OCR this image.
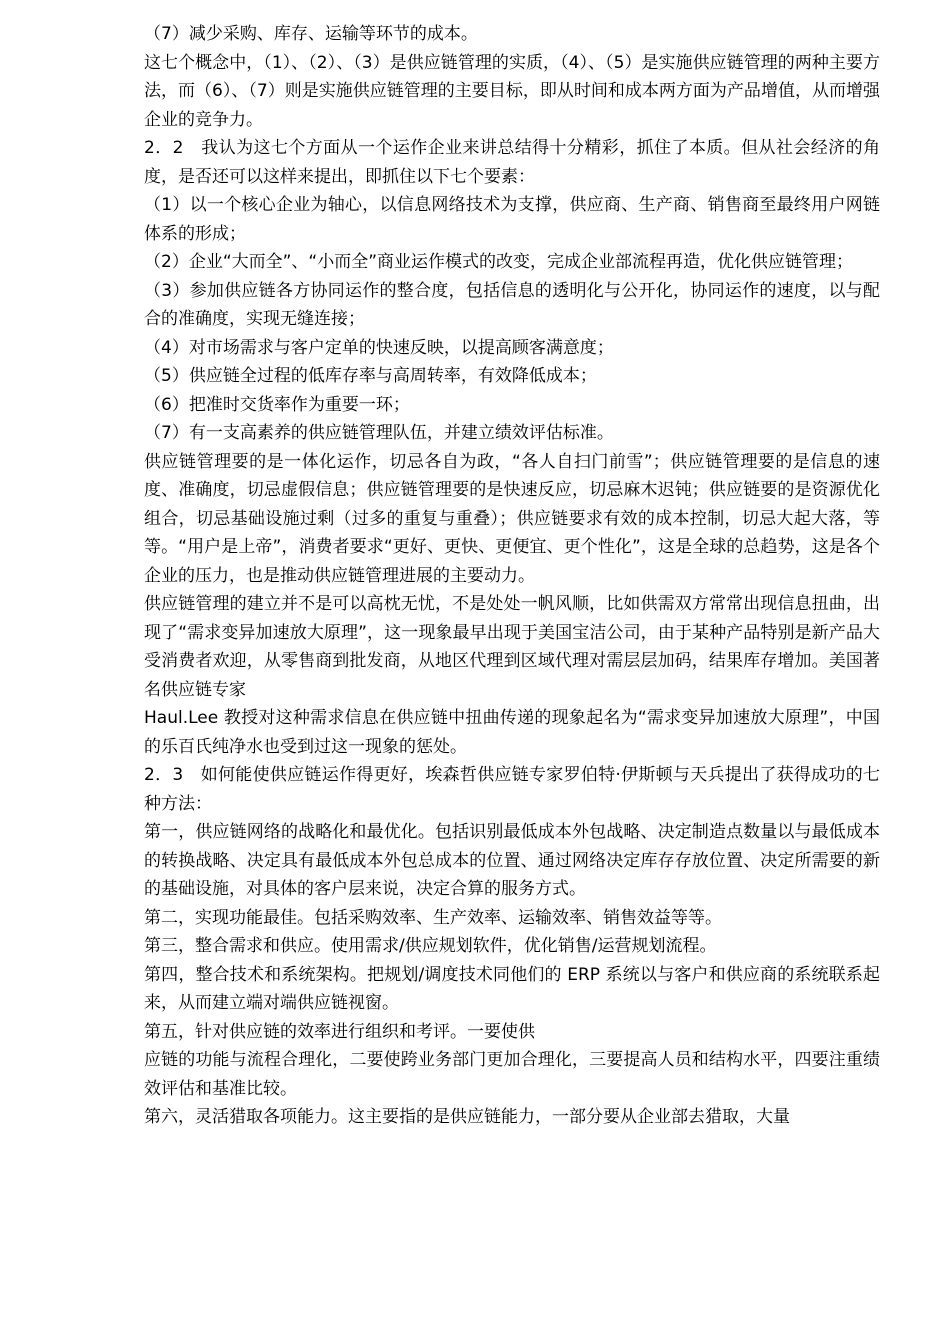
（7）减少采购、库存、运输等环节的成本。

这七个概念中，（1）、（2）、（3）是供应链管理的实质，（4）、（5）是实施供应链管理的两种主要方法，而（6）、（7）则是实施供应链管理的主要目标，即从时间和成本两方面为产品增值，从而增强企业的竞争力。

2．2　我认为这七个方面从一个运作企业来讲总结得十分精彩，抓住了本质。但从社会经济的角度，是否还可以这样来提出，即抓住以下七个要素：

（1）以一个核心企业为轴心，以信息网络技术为支撑，供应商、生产商、销售商至最终用户网链体系的形成；

（2）企业“大而全”、“小而全”商业运作模式的改变，完成企业部流程再造，优化供应链管理；

（3）参加供应链各方协同运作的整合度，包括信息的透明化与公开化，协同运作的速度，以与配合的准确度，实现无缝连接；

（4）对市场需求与客户定单的快速反映，以提高顾客满意度；

（5）供应链全过程的低库存率与高周转率，有效降低成本；

（6）把准时交货率作为重要一环；

（7）有一支高素养的供应链管理队伍，并建立绩效评估标准。

供应链管理要的是一体化运作，切忌各自为政，“各人自扫门前雪”；供应链管理要的是信息的速度、准确度，切忌虚假信息；供应链管理要的是快速反应，切忌麻木迟钝；供应链要的是资源优化组合，切忌基础设施过剩（过多的重复与重叠）；供应链要求有效的成本控制，切忌大起大落，等等。“用户是上帝”，消费者要求“更好、更快、更便宜、更个性化”，这是全球的总趋势，这是各个企业的压力，也是推动供应链管理进展的主要动力。

供应链管理的建立并不是可以高枕无忧，不是处处一帆风顺，比如供需双方常常出现信息扭曲，出现了“需求变异加速放大原理”，这一现象最早出现于美国宝洁公司，由于某种产品特别是新产品大受消费者欢迎，从零售商到批发商，从地区代理到区域代理对需层层加码，结果库存增加。美国著名供应链专家

Haul.Lee 教授对这种需求信息在供应链中扭曲传递的现象起名为“需求变异加速放大原理”，中国的乐百氏纯净水也受到过这一现象的惩处。

2．3　如何能使供应链运作得更好，埃森哲供应链专家罗伯特·伊斯顿与天兵提出了获得成功的七种方法：

第一，供应链网络的战略化和最优化。包括识别最低成本外包战略、决定制造点数量以与最低成本的转换战略、决定具有最低成本外包总成本的位置、通过网络决定库存存放位置、决定所需要的新的基础设施，对具体的客户层来说，决定合算的服务方式。

第二，实现功能最佳。包括采购效率、生产效率、运输效率、销售效益等等。

第三，整合需求和供应。使用需求/供应规划软件，优化销售/运营规划流程。

第四，整合技术和系统架构。把规划/调度技术同他们的 ERP 系统以与客户和供应商的系统联系起来，从而建立端对端供应链视窗。

第五，针对供应链的效率进行组织和考评。一要使供

应链的功能与流程合理化，二要使跨业务部门更加合理化，三要提高人员和结构水平，四要注重绩效评估和基准比较。

第六，灵活猎取各项能力。这主要指的是供应链能力，一部分要从企业部去猎取，大量
